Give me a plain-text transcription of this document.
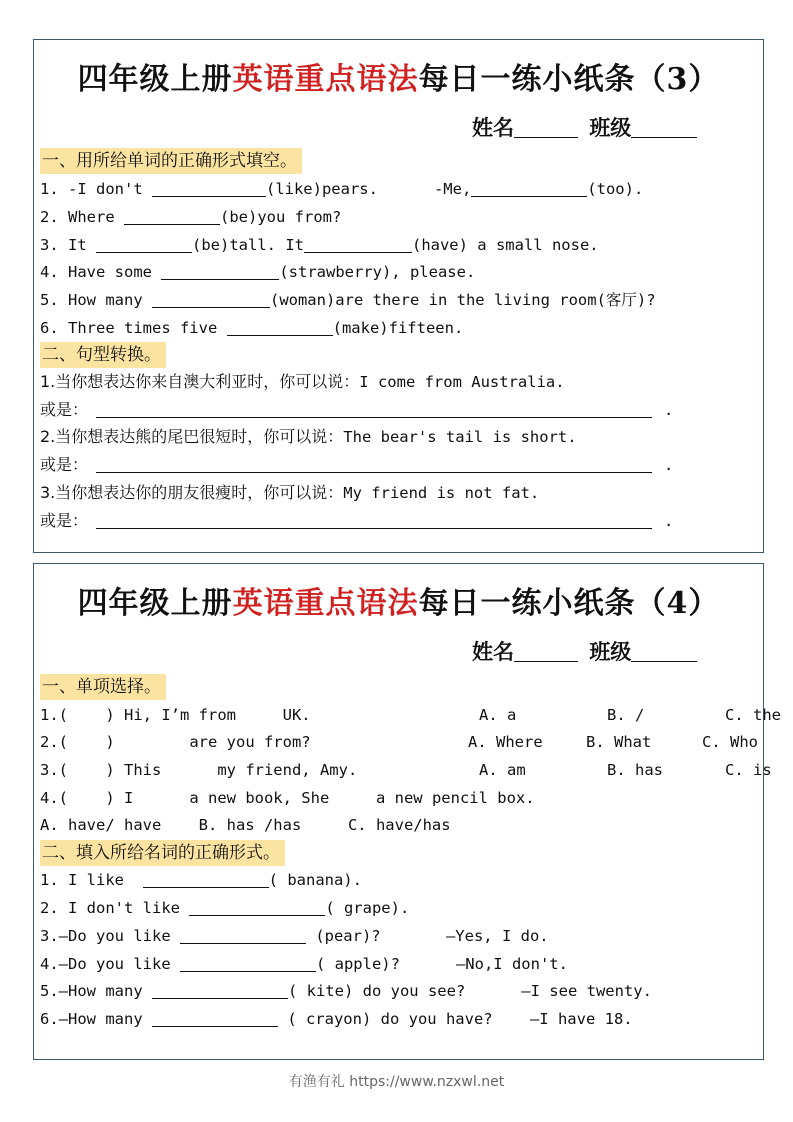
四年级上册英语重点语法每日一练小纸条（3）
姓名	班级
一、用所给单词的正确形式填空。
1. -I don't	(like)pears.      -Me,	(too).
2. Where	(be)you from?
3. It	(be)tall. It	(have) a small nose.
4. Have some	(strawberry), please.
5. How many	(woman)are there in the living room(客厅)?
6. Three times five	(make)fifteen.
二、句型转换。
1.当你想表达你来自澳大利亚时，你可以说：I come from Australia.
或是：	.
2.当你想表达熊的尾巴很短时，你可以说：The bear's tail is short.
或是：	.
3.当你想表达你的朋友很瘦时，你可以说：My friend is not fat.
或是：	.
四年级上册英语重点语法每日一练小纸条（4）
姓名	班级
一、单项选择。
1.(    ) Hi, I’m from     UK.	A. a	B. /	C. the
2.(    )        are you from?	A. Where	B. What	C. Who
3.(    ) This      my friend, Amy.	A. am	B. has	C. is
4.(    ) I      a new book, She     a new pencil box.
A. have/ have    B. has /has     C. have/has
二、填入所给名词的正确形式。
1. I like	( banana).
2. I don't like	( grape).
3.—Do you like	(pear)?       —Yes, I do.
4.—Do you like	( apple)?      —No,I don't.
5.—How many	( kite) do you see?      —I see twenty.
6.—How many	( crayon) do you have?    —I have 18.
有渔有礼 https://www.nzxwl.net
